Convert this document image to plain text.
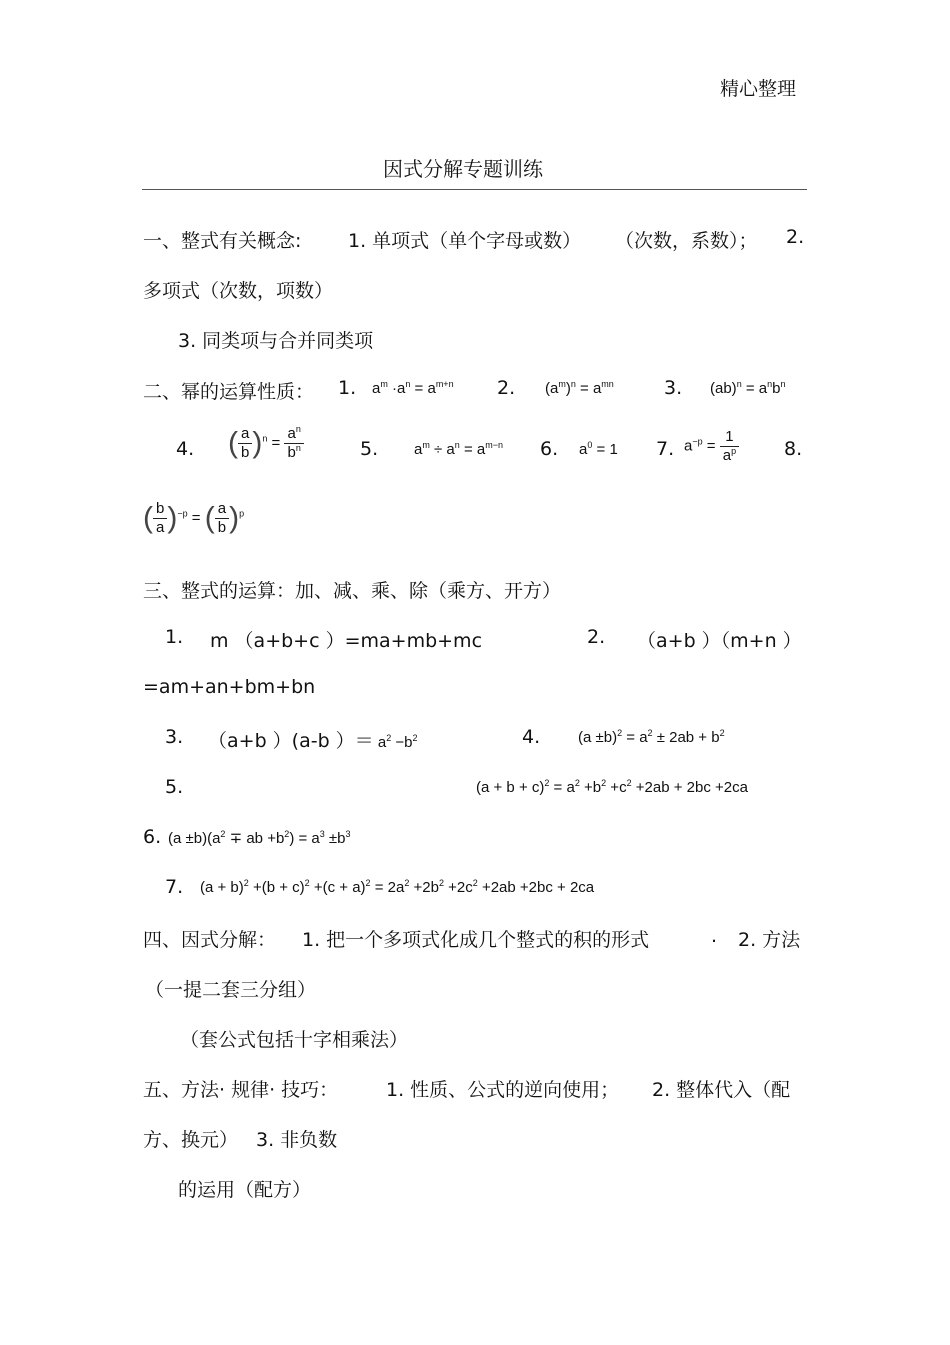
精心整理
因式分解专题训练
一、整式有关概念: 1. 单项式（单个字母或数） （次数，系数）； 2.
多项式（次数，项数）
3. 同类项与合并同类项
二、幂的运算性质： 1. $a^m \cdot a^n = a^{m+n}$ 2. $(a^m)^n = a^{mn}$	3. $(ab)^n = a^nb^n$
4. ( $\frac{a}{b} )^n = \frac{a^n}{b^n}$	5. $a^m \div a^n = a^{m-n}$ 6. $a^0 = 1$ 7. $a^{-p} = \frac{1}{a^p} 8$.
( $\frac{b}{a} )^{-p}$ = ( $\frac{a}{b} )^p$
三、整式的运算：加、减、乘、除（乘方、开方）
1. m （a+b+c ）=ma+mb+mc	2. （a+b ）（m+n ）
=am+an+bm+bn
3. （a+b ）(a-b ）＝ $a^2 -b^2$	4.	$(a \pm b)^2 = a^2 \pm 2ab + b^2$
5.	$(a + b + c)^2 = a^2 +b^2 +c^2 +2ab + 2bc +2ca$
6. $(a \pm b)(a^2$ ∓ ab $+b^2) = a^3 \pm b^3$
7. $(a + b)^2 +(b + c)^2 +(c + a)^2 = 2a^2 +2b^2 +2c^2 +2ab +2bc + 2ca$
四、因式分解： 1. 把一个多项式化成几个整式的积的形式	. 2. 方法
（一提二套三分组）
（套公式包括十字相乘法）
五、方法· 规律· 技巧：	1. 性质、公式的逆向使用； 2. 整体代入（配
方、换元） 3. 非负数
的运用（配方）
